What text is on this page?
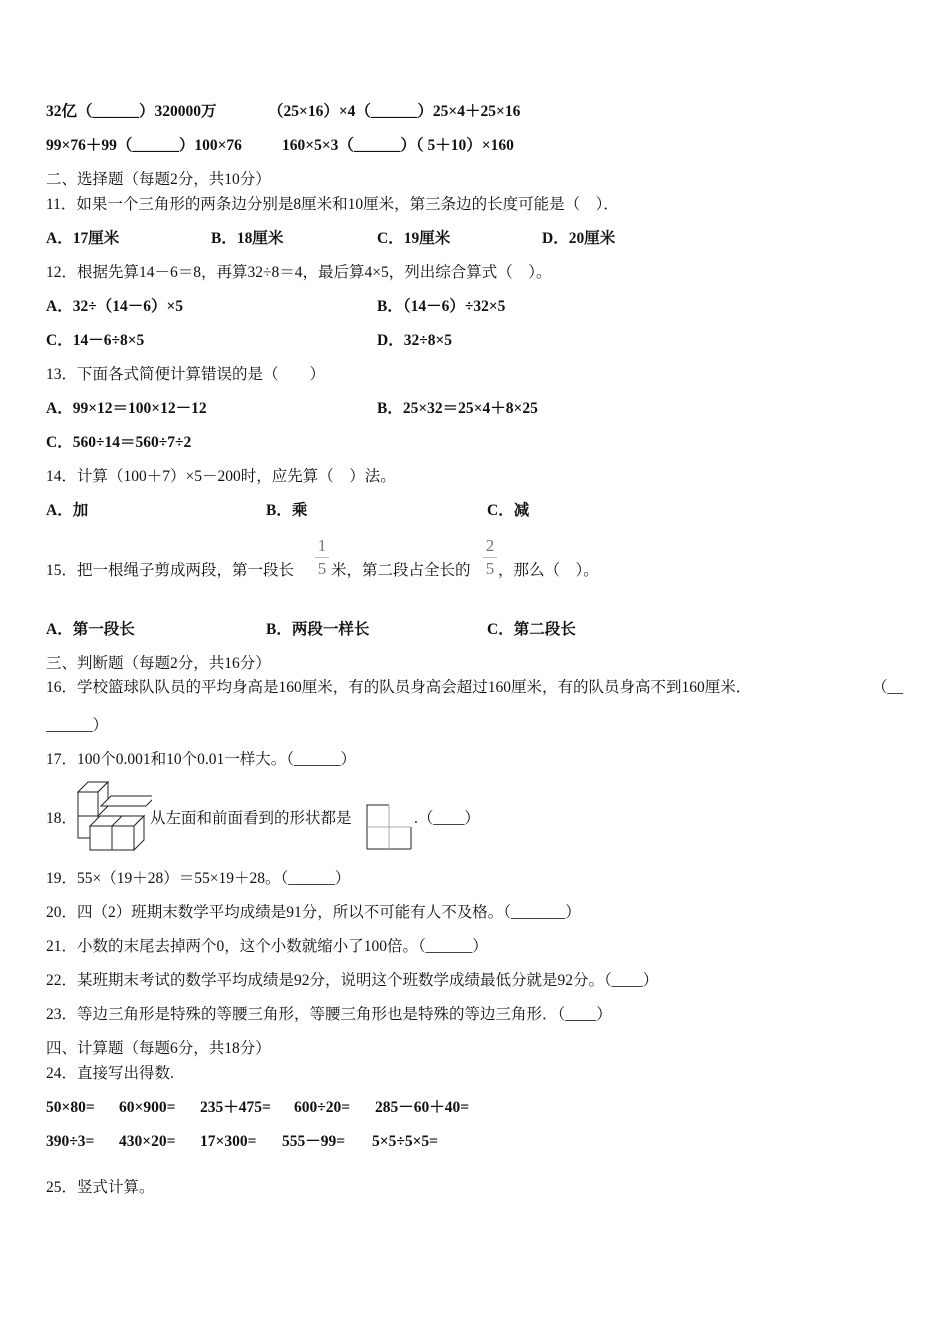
32亿（______）320000万	（25×16）×4（______）25×4＋25×16
99×76＋99（______）100×76	160×5×3（______）（ 5＋10）×160
二、选择题（每题2分，共10分）
11．如果一个三角形的两条边分别是8厘米和10厘米，第三条边的长度可能是（　）．
A．17厘米	B．18厘米	C．19厘米	D．20厘米
12．根据先算14－6＝8，再算32÷8＝4，最后算4×5，列出综合算式（　）。
A．32÷（14－6）×5	B．（14－6）÷32×5
C．14－6÷8×5	D．32÷8×5
13．下面各式简便计算错误的是（　　）
A．99×12＝100×12－12	B．25×32＝25×4＋8×25
C．560÷14＝560÷7÷2
14．计算（100＋7）×5－200时，应先算（　）法。
A．加	B．乘	C．减
15．把一根绳子剪成两段，第一段长
1
5 米，第二段占全长的
2
5 ，那么（　）。
A．第一段长	B．两段一样长	C．第二段长
三、判断题（每题2分，共16分）
16．学校篮球队队员的平均身高是160厘米，有的队员身高会超过160厘米，有的队员身高不到160厘米．	（__
______）
17．100个0.001和10个0.01一样大。（______）
18．	从左面和前面看到的形状都是	.（____）
19．55×（19＋28）＝55×19＋28。（______）
20．四（2）班期末数学平均成绩是91分，所以不可能有人不及格。（_______）
21．小数的末尾去掉两个0，这个小数就缩小了100倍。（______）
22．某班期末考试的数学平均成绩是92分，说明这个班数学成绩最低分就是92分。（____）
23．等边三角形是特殊的等腰三角形，等腰三角形也是特殊的等边三角形．（____）
四、计算题（每题6分，共18分）
24．直接写出得数.
50×80= 60×900= 235＋475= 600÷20= 285－60＋40=
390÷3= 430×20= 17×300= 555－99= 5×5÷5×5=
25．竖式计算。
